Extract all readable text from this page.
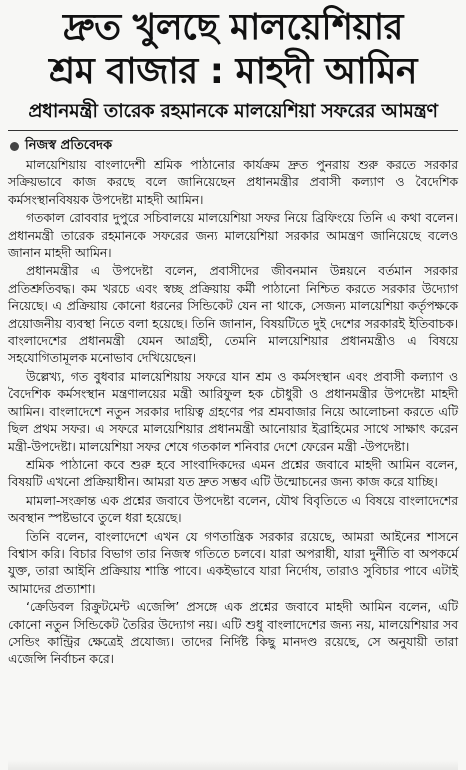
দ্রুত খুলছে মালয়েশিয়ার
শ্রম বাজার : মাহদী আমিন
প্রধানমন্ত্রী তারেক রহমানকে মালয়েশিয়া সফরের আমন্ত্রণ
নিজস্ব প্রতিবেদক

মালয়েশিয়ায় বাংলাদেশী শ্রমিক পাঠানোর কার্যক্রম দ্রুত পুনরায় শুরু করতে সরকার সক্রিয়ভাবে কাজ করছে বলে জানিয়েছেন প্রধানমন্ত্রীর প্রবাসী কল্যাণ ও বৈদেশিক কর্মসংস্থানবিষয়ক উপদেষ্টা মাহদী আমিন।

গতকাল রোববার দুপুরে সচিবালয়ে মালয়েশিয়া সফর নিয়ে ব্রিফিংয়ে তিনি এ কথা বলেন। প্রধানমন্ত্রী তারেক রহমানকে সফরের জন্য মালয়েশিয়া সরকার আমন্ত্রণ জানিয়েছে বলেও জানান মাহদী আমিন।

প্রধানমন্ত্রীর এ উপদেষ্টা বলেন, প্রবাসীদের জীবনমান উন্নয়নে বর্তমান সরকার প্রতিশ্রুতিবদ্ধ। কম খরচে এবং স্বচ্ছ প্রক্রিয়ায় কর্মী পাঠানো নিশ্চিত করতে সরকার উদ্যোগ নিয়েছে। এ প্রক্রিয়ায় কোনো ধরনের সিন্ডিকেট যেন না থাকে, সেজন্য মালয়েশিয়া কর্তৃপক্ষকে প্রয়োজনীয় ব্যবস্থা নিতে বলা হয়েছে। তিনি জানান, বিষয়টিতে দুই দেশের সরকারই ইতিবাচক। বাংলাদেশের প্রধানমন্ত্রী যেমন আগ্রহী, তেমনি মালয়েশিয়ার প্রধানমন্ত্রীও এ বিষয়ে সহযোগিতামূলক মনোভাব দেখিয়েছেন।

উল্লেখ্য, গত বুধবার মালয়েশিয়ায় সফরে যান শ্রম ও কর্মসংস্থান এবং প্রবাসী কল্যাণ ও বৈদেশিক কর্মসংস্থান মন্ত্রণালয়ের মন্ত্রী আরিফুল হক চৌধুরী ও প্রধানমন্ত্রীর উপদেষ্টা মাহদী আমিন। বাংলাদেশে নতুন সরকার দায়িত্ব গ্রহণের পর শ্রমবাজার নিয়ে আলোচনা করতে এটি ছিল প্রথম সফর। এ সফরে মালয়েশিয়ার প্রধানমন্ত্রী আনোয়ার ইব্রাহিমের সাথে সাক্ষাৎ করেন মন্ত্রী-উপদেষ্টা। মালয়েশিয়া সফর শেষে গতকাল শনিবার দেশে ফেরেন মন্ত্রী -উপদেষ্টা।

শ্রমিক পাঠানো কবে শুরু হবে সাংবাদিকদের এমন প্রশ্নের জবাবে মাহদী আমিন বলেন, বিষয়টি এখনো প্রক্রিয়াধীন। আমরা যত দ্রুত সম্ভব এটি উন্মোচনের জন্য কাজ করে যাচ্ছি।

মামলা-সংক্রান্ত এক প্রশ্নের জবাবে উপদেষ্টা বলেন, যৌথ বিবৃতিতে এ বিষয়ে বাংলাদেশের অবস্থান স্পষ্টভাবে তুলে ধরা হয়েছে।

তিনি বলেন, বাংলাদেশে এখন যে গণতান্ত্রিক সরকার রয়েছে, আমরা আইনের শাসনে বিশ্বাস করি। বিচার বিভাগ তার নিজস্ব গতিতে চলবে। যারা অপরাধী, যারা দুর্নীতি বা অপকর্মে যুক্ত, তারা আইনি প্রক্রিয়ায় শাস্তি পাবে। একইভাবে যারা নির্দোষ, তারাও সুবিচার পাবে এটাই আমাদের প্রত্যাশা।

‘ক্রেডিবল রিক্রুটমেন্ট এজেন্সি’ প্রসঙ্গে এক প্রশ্নের জবাবে মাহদী আমিন বলেন, এটি কোনো নতুন সিন্ডিকেট তৈরির উদ্যোগ নয়। এটি শুধু বাংলাদেশের জন্য নয়, মালয়েশিয়ার সব সেন্ডিং কান্ট্রির ক্ষেত্রেই প্রযোজ্য। তাদের নির্দিষ্ট কিছু মানদণ্ড রয়েছে, সে অনুযায়ী তারা এজেন্সি নির্বাচন করে।
